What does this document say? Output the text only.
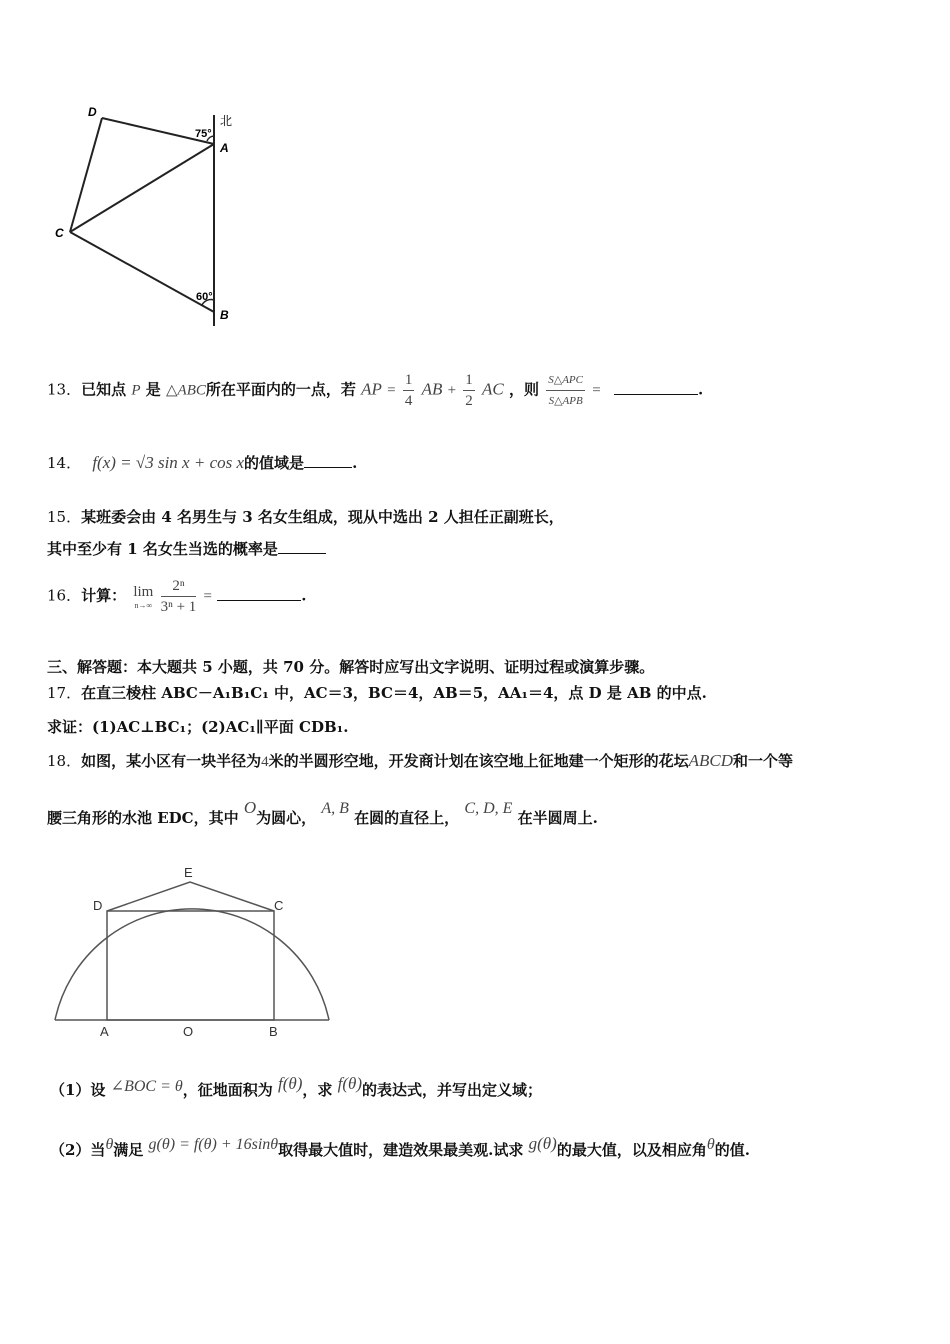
D
A
C
B
北
75°
60°
13．已知点 P 是 △ABC所在平面内的一点，若 AP = $\frac{1}{4}$ AB + $\frac{1}{2}$ AC ，则 $\frac{\text{S△APC}}{\text{S△APB}}$ =	.
14． f(x) = √3 sin x + cos x的值域是	.
15．某班委会由 4 名男生与 3 名女生组成，现从中选出 2 人担任正副班长，
其中至少有 1 名女生当选的概率是
16．计算： lim
n→∞
$\frac{\text{2ⁿ}}{\text{3ⁿ + 1}}$ =	.
三、解答题：本大题共 5 小题，共 70 分。解答时应写出文字说明、证明过程或演算步骤。
17．在直三棱柱 ABC－A₁B₁C₁ 中，AC＝3，BC＝4，AB＝5，AA₁＝4，点 D 是 AB 的中点.
求证：(1)AC⊥BC₁；(2)AC₁∥平面 CDB₁.
18．如图，某小区有一块半径为4米的半圆形空地，开发商计划在该空地上征地建一个矩形的花坛ABCD和一个等
腰三角形的水池 EDC，其中 O为圆心， A, B 在圆的直径上， C, D, E 在半圆周上.
E
D	C
A	O	B
（1）设 ∠BOC = θ，征地面积为 f(θ)，求 f(θ)的表达式，并写出定义域；
（2）当θ满足 g(θ) = f(θ) + 16sinθ取得最大值时，建造效果最美观.试求 g(θ)的最大值，以及相应角θ的值.
